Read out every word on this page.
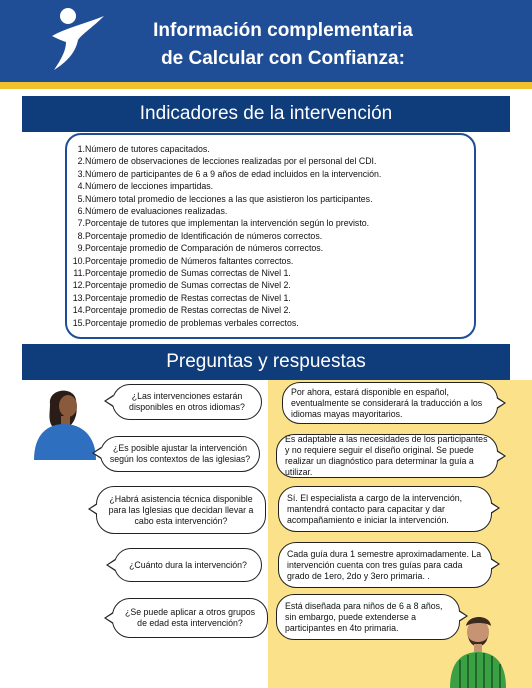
Información complementaria
de Calcular con Confianza:
Indicadores de la intervención
1.Número de tutores capacitados.
2.Número de observaciones de lecciones realizadas por el personal del CDI.
3.Número de participantes de 6 a 9 años de edad incluidos en la intervención.
4.Número de lecciones impartidas.
5.Número total promedio de lecciones a las que asistieron los participantes.
6.Número de evaluaciones realizadas.
7.Porcentaje de tutores que implementan la intervención según lo previsto.
8.Porcentaje promedio de Identificación de números correctos.
9.Porcentaje promedio de Comparación de números correctos.
10.Porcentaje promedio de Números faltantes correctos.
11.Porcentaje promedio de Sumas correctas de Nivel 1.
12.Porcentaje promedio de Sumas correctas de Nivel 2.
13.Porcentaje promedio de Restas correctas de Nivel 1.
14.Porcentaje promedio de Restas correctas de Nivel 2.
15.Porcentaje promedio de problemas verbales correctos.
Preguntas y respuestas
¿Las intervenciones estarán disponibles en otros idiomas?
Por ahora, estará disponible en español, eventualmente se considerará la traducción a los idiomas mayas mayoritarios.
¿Es posible ajustar la intervención según los contextos de las iglesias?
Es adaptable a las necesidades de los participantes y no requiere seguir el diseño original. Se puede realizar un diagnóstico para determinar la guía a utilizar.
¿Habrá asistencia técnica disponible para las Iglesias que decidan llevar a cabo esta intervención?
Sí. El especialista a cargo de la intervención, mantendrá contacto para capacitar y dar acompañamiento e iniciar la intervención.
¿Cuánto dura la intervención?
Cada guía dura 1 semestre aproximadamente. La intervención cuenta con tres guías para cada grado de 1ero, 2do y 3ero primaria. .
¿Se puede aplicar a otros grupos de edad esta intervención?
Está diseñada para niños de 6 a 8 años, sin embargo, puede extenderse a participantes en 4to primaria.
